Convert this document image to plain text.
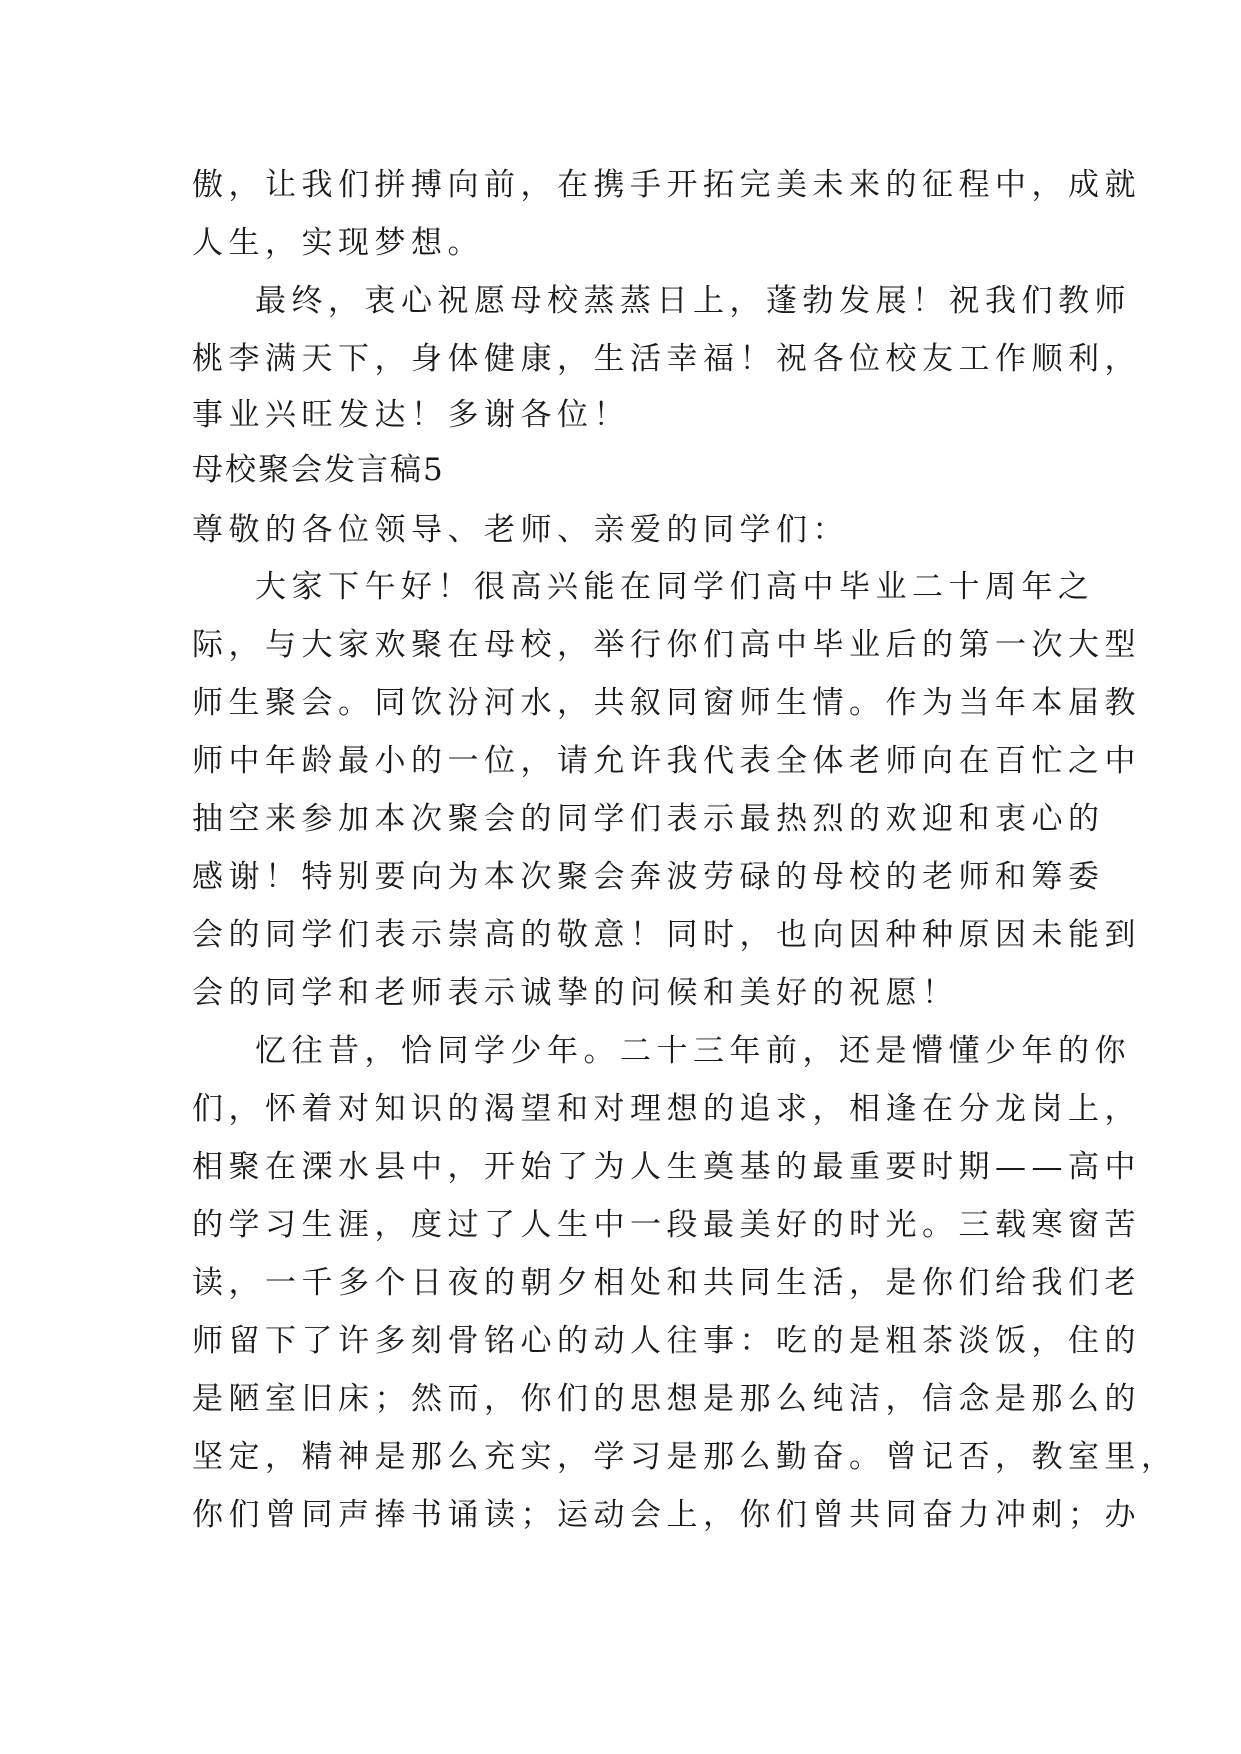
傲，让我们拼搏向前，在携手开拓完美未来的征程中，成就
人生，实现梦想。
最终，衷心祝愿母校蒸蒸日上，蓬勃发展！祝我们教师
桃李满天下，身体健康，生活幸福！祝各位校友工作顺利，
事业兴旺发达！多谢各位！
母校聚会发言稿5
尊敬的各位领导、老师、亲爱的同学们：
大家下午好！很高兴能在同学们高中毕业二十周年之
际，与大家欢聚在母校，举行你们高中毕业后的第一次大型
师生聚会。同饮汾河水，共叙同窗师生情。作为当年本届教
师中年龄最小的一位，请允许我代表全体老师向在百忙之中
抽空来参加本次聚会的同学们表示最热烈的欢迎和衷心的
感谢！特别要向为本次聚会奔波劳碌的母校的老师和筹委
会的同学们表示崇高的敬意！同时，也向因种种原因未能到
会的同学和老师表示诚挚的问候和美好的祝愿！
忆往昔，恰同学少年。二十三年前，还是懵懂少年的你
们，怀着对知识的渴望和对理想的追求，相逢在分龙岗上，
相聚在溧水县中，开始了为人生奠基的最重要时期——高中
的学习生涯，度过了人生中一段最美好的时光。三载寒窗苦
读，一千多个日夜的朝夕相处和共同生活，是你们给我们老
师留下了许多刻骨铭心的动人往事：吃的是粗茶淡饭，住的
是陋室旧床；然而，你们的思想是那么纯洁，信念是那么的
坚定，精神是那么充实，学习是那么勤奋。曾记否，教室里，
你们曾同声捧书诵读；运动会上，你们曾共同奋力冲刺；办
